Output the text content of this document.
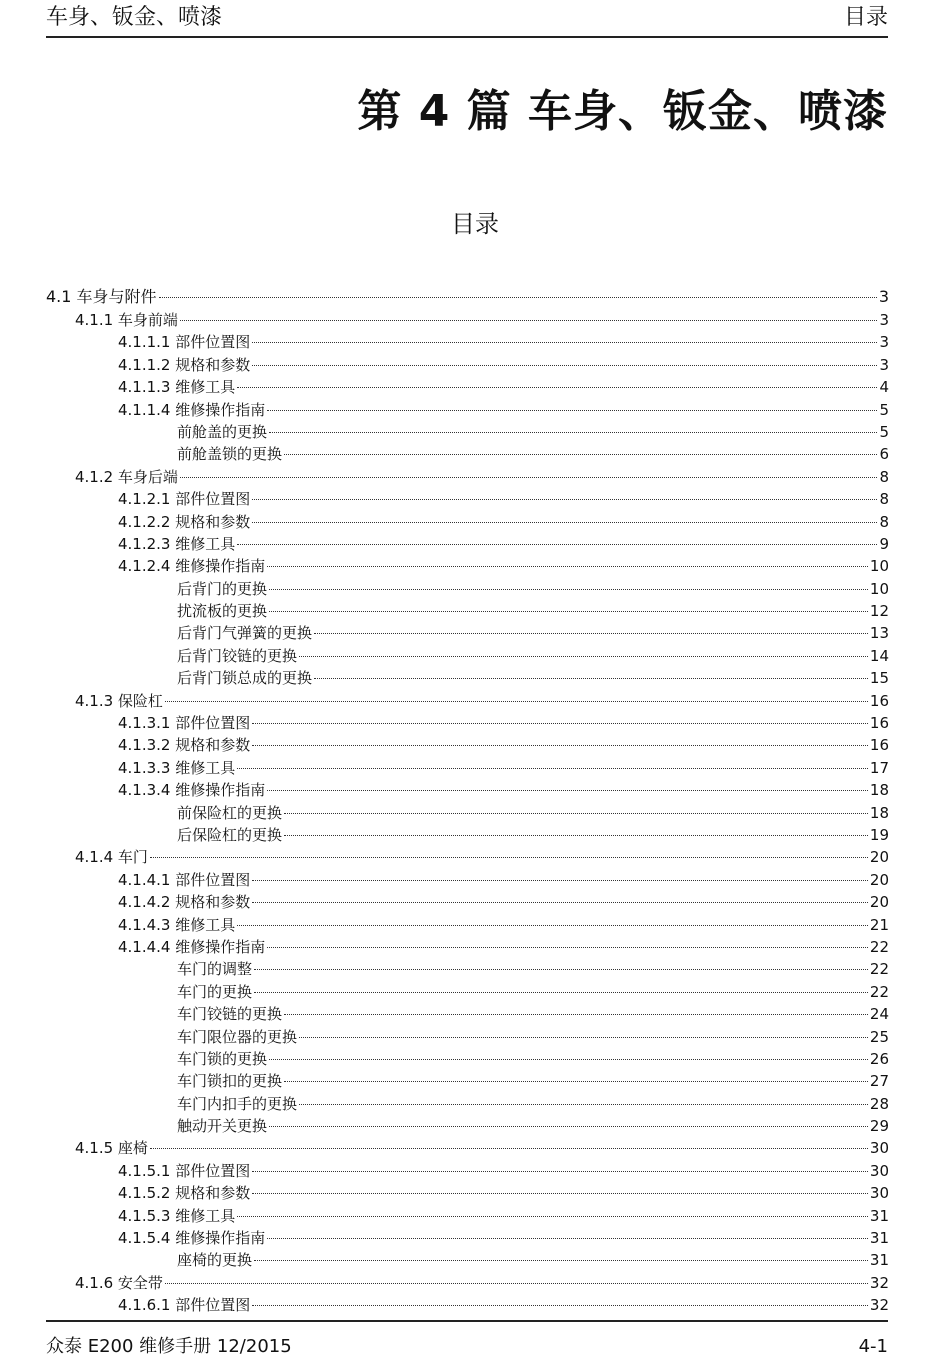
车身、钣金、喷漆	目录
第 4 篇 车身、钣金、喷漆
目录
4.1 车身与附件	3
4.1.1 车身前端	3
4.1.1.1 部件位置图	3
4.1.1.2 规格和参数	3
4.1.1.3 维修工具	4
4.1.1.4 维修操作指南	5
前舱盖的更换	5
前舱盖锁的更换	6
4.1.2 车身后端	8
4.1.2.1 部件位置图	8
4.1.2.2 规格和参数	8
4.1.2.3 维修工具	9
4.1.2.4 维修操作指南	10
后背门的更换	10
扰流板的更换	12
后背门气弹簧的更换	13
后背门铰链的更换	14
后背门锁总成的更换	15
4.1.3 保险杠	16
4.1.3.1 部件位置图	16
4.1.3.2 规格和参数	16
4.1.3.3 维修工具	17
4.1.3.4 维修操作指南	18
前保险杠的更换	18
后保险杠的更换	19
4.1.4 车门	20
4.1.4.1 部件位置图	20
4.1.4.2 规格和参数	20
4.1.4.3 维修工具	21
4.1.4.4 维修操作指南	22
车门的调整	22
车门的更换	22
车门铰链的更换	24
车门限位器的更换	25
车门锁的更换	26
车门锁扣的更换	27
车门内扣手的更换	28
触动开关更换	29
4.1.5 座椅	30
4.1.5.1 部件位置图	30
4.1.5.2 规格和参数	30
4.1.5.3 维修工具	31
4.1.5.4 维修操作指南	31
座椅的更换	31
4.1.6 安全带	32
4.1.6.1 部件位置图	32
众泰 E200 维修手册 12/2015	4-1
